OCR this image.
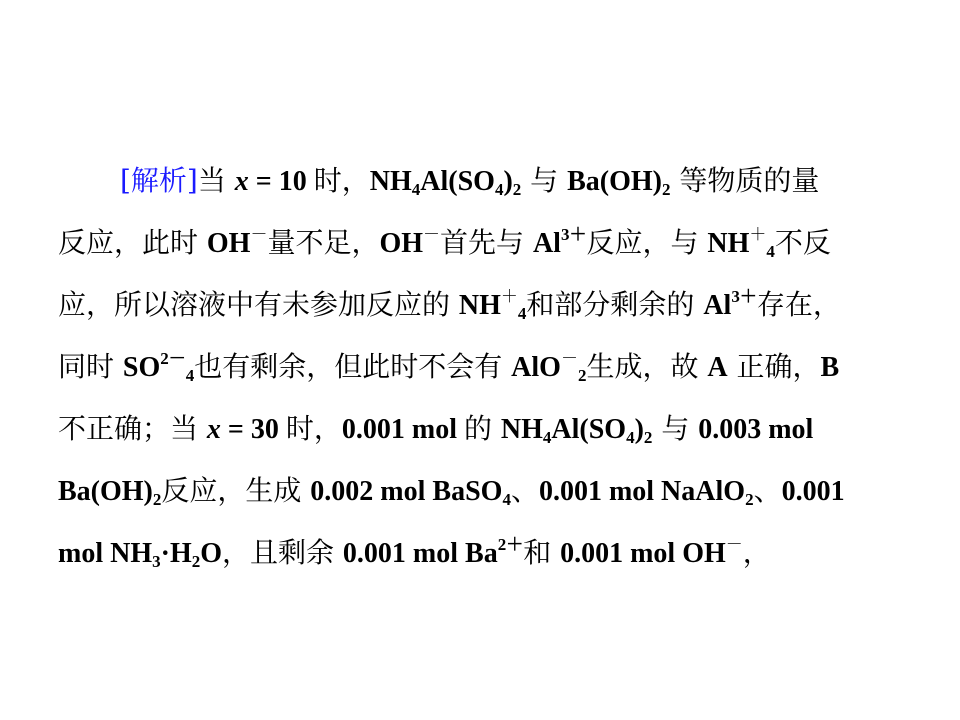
[解析]当 x = 10 时，$NH_4Al(SO_4)_2$ 与 $Ba(OH)_2$ 等物质的量
反应，此时 OH－量不足，OH－首先与 $Al^{3+}$反应，与 $NH^+_4$不反
应，所以溶液中有未参加反应的 $NH^+_4$和部分剩余的 $Al^{3+}$存在，
同时 $SO^{2-}_4$也有剩余，但此时不会有 AlO－$_2$生成，故 A 正确，B
不正确；当 x = 30 时，0.001 mol 的 $NH_4Al(SO_4)_2$ 与 0.003 mol
$Ba(OH)_2$反应，生成 0.002 mol BaSO$_4$、0.001 mol NaAlO$_2$、0.001
mol $NH_3\cdot H_2O$，且剩余 0.001 mol $Ba^{2+}$和 0.001 mol OH－，
